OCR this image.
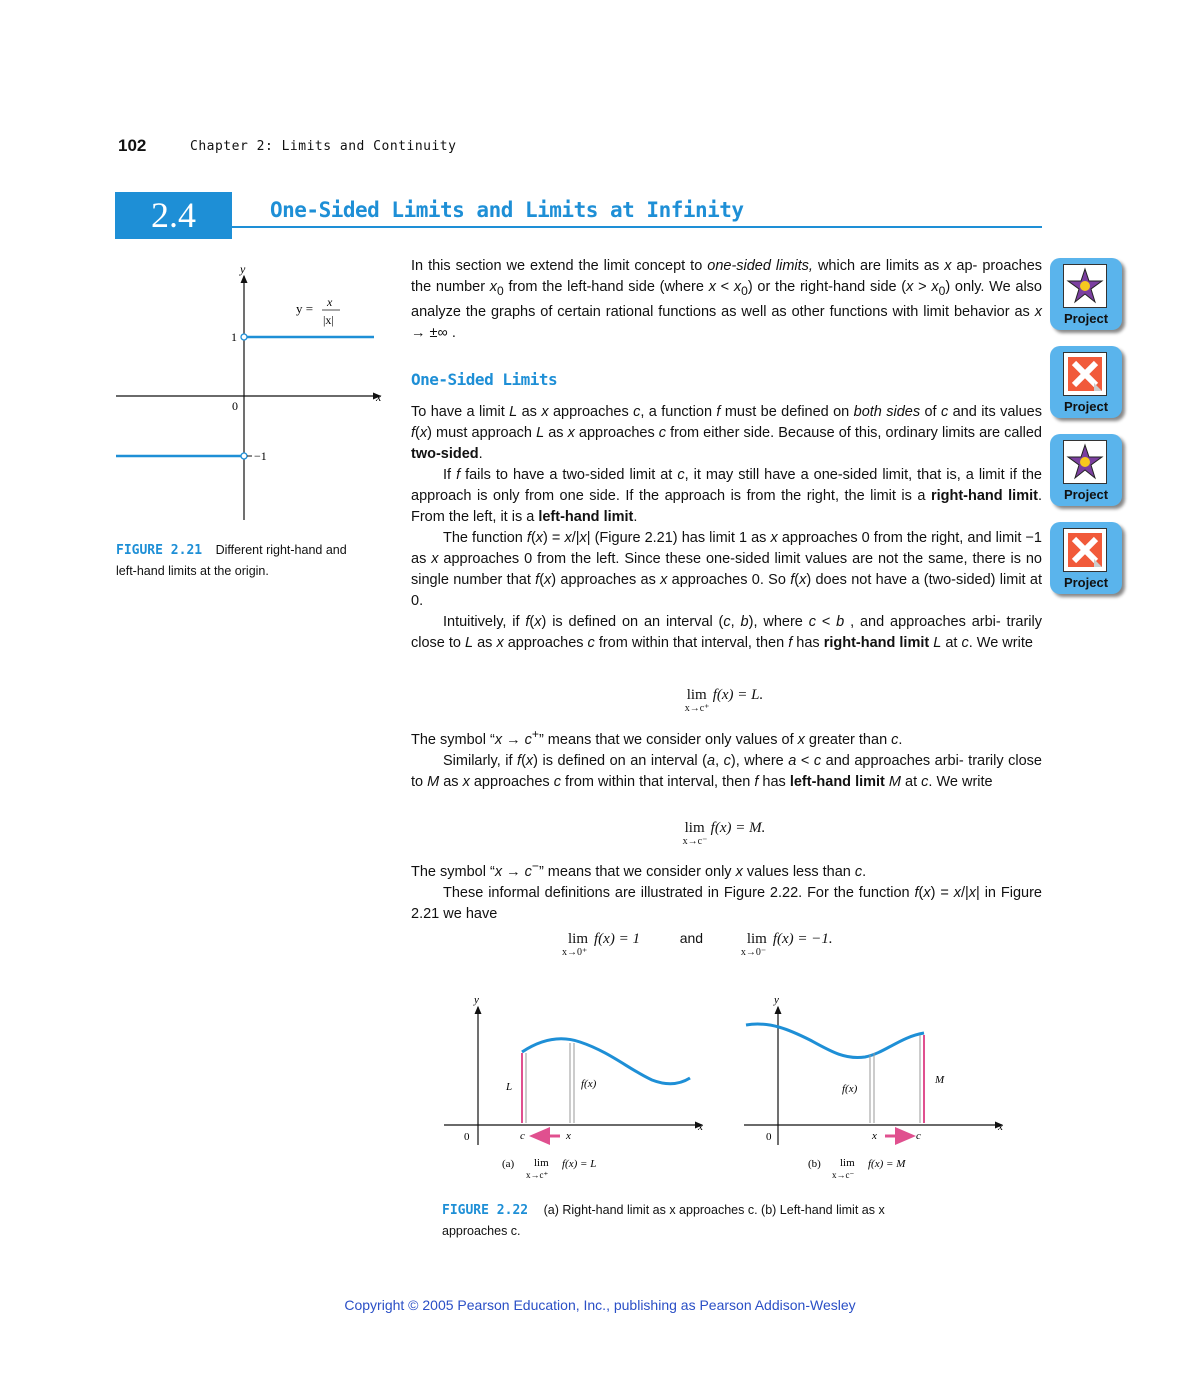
102	Chapter 2: Limits and Continuity
2.4	One-Sided Limits and Limits at Infinity

In this section we extend the limit concept to one-sided limits, which are limits as x ap- proaches the number $x_0$ from the left-hand side (where $x < x_0$) or the right-hand side $(x > x_0)$ only. We also analyze the graphs of certain rational functions as well as other functions with limit behavior as x → ±∞ .

One-Sided Limits

To have a limit L as x approaches c, a function f must be defined on both sides of c and its values f(x) must approach L as x approaches c from either side. Because of this, ordinary limits are called two-sided.

If f fails to have a two-sided limit at c, it may still have a one-sided limit, that is, a limit if the approach is only from one side. If the approach is from the right, the limit is a right-hand limit. From the left, it is a left-hand limit.

The function f(x) = x/|x| (Figure 2.21) has limit 1 as x approaches 0 from the right, and limit −1 as x approaches 0 from the left. Since these one-sided limit values are not the same, there is no single number that f(x) approaches as x approaches 0. So f(x) does not have a (two-sided) limit at 0.

Intuitively, if f(x) is defined on an interval (c, b), where c < b , and approaches arbi- trarily close to L as x approaches c from within that interval, then f has right-hand limit L at c. We write

lim
x→c⁺
f(x) = L.

The symbol “x → c+” means that we consider only values of x greater than c.

Similarly, if f(x) is defined on an interval (a, c), where a < c and approaches arbi- trarily close to M as x approaches c from within that interval, then f has left-hand limit M at c. We write

lim
x→c⁻
f(x) = M.

The symbol “x → c−” means that we consider only x values less than c.

These informal definitions are illustrated in Figure 2.22. For the function f(x) = x/|x| in Figure 2.21 we have

lim
x→0⁺
f(x) = 1	and	lim
x→0⁻
f(x) = −1.
y
x
0
1
−1
y = x
|x|
FIGURE 2.21 Different right-hand and
left-hand limits at the origin.
Project
Project
Project
Project
y
x
0
L	f(x)
c	x
(a) lim
x→c⁺
f(x) = L
y
x
0
M
f(x)
x	c
(b) lim
x→c⁻
f(x) = M
FIGURE 2.22 (a) Right-hand limit as x approaches c. (b) Left-hand limit as x
approaches c.
Copyright © 2005 Pearson Education, Inc., publishing as Pearson Addison-Wesley
